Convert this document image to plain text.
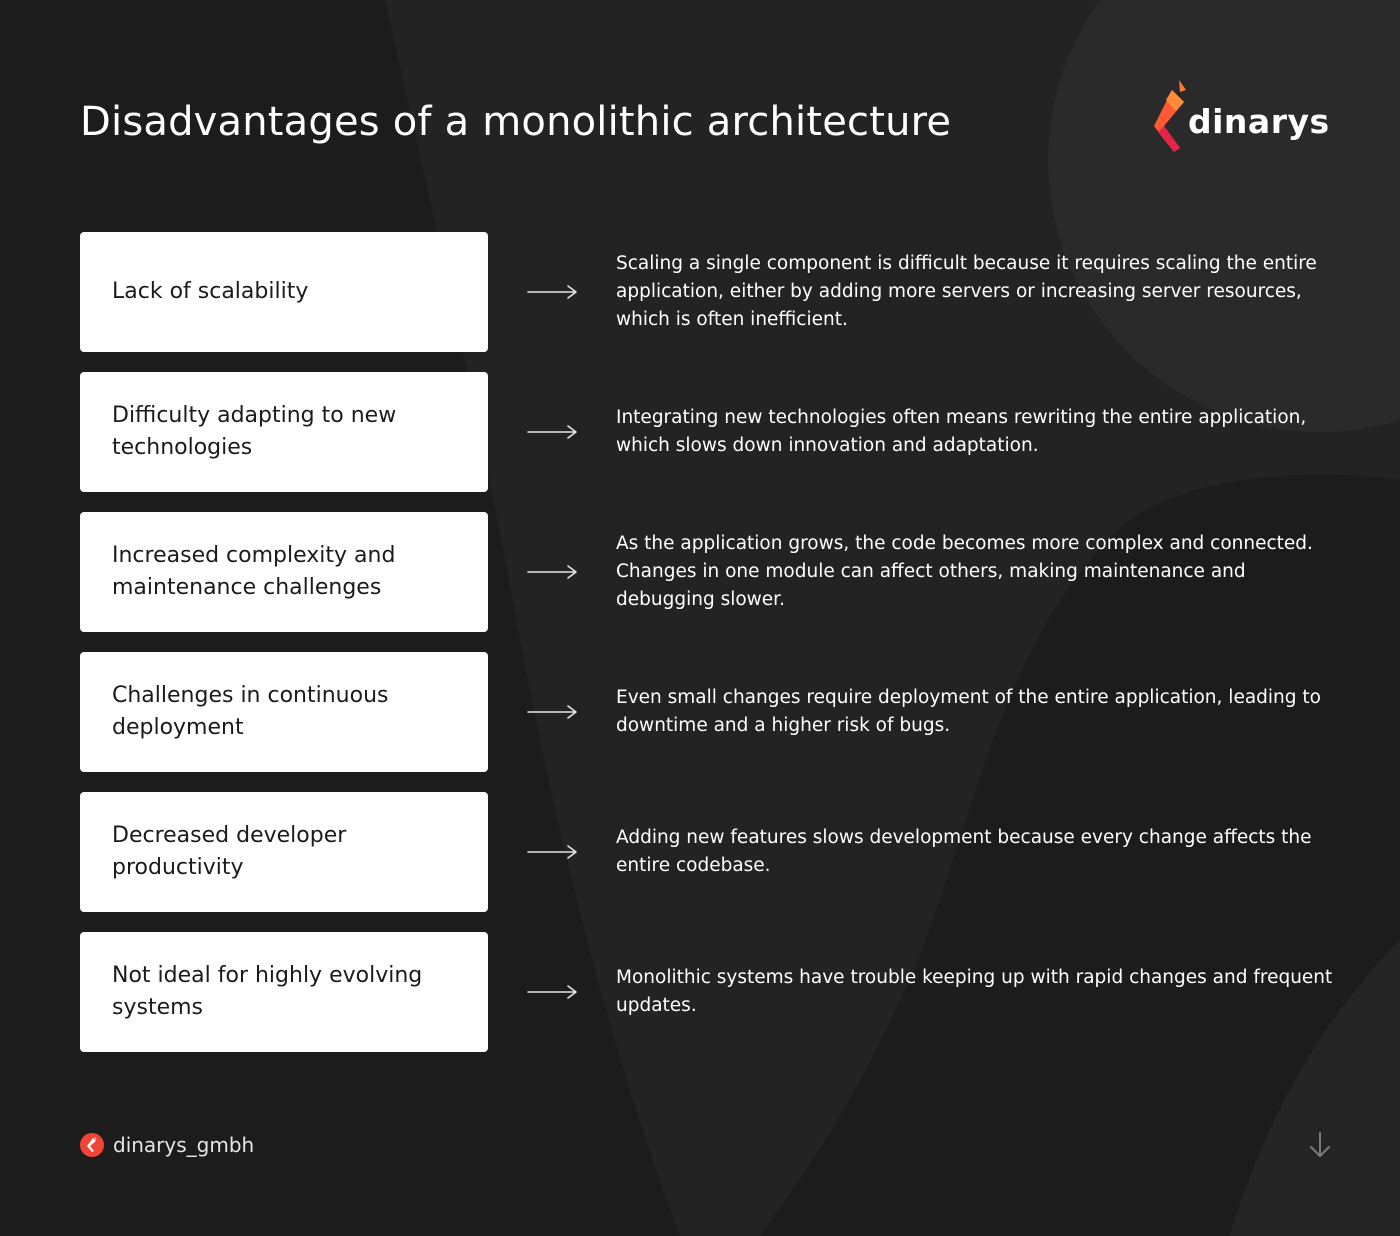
Disadvantages of a monolithic architecture	dinarys
Lack of scalability
Scaling a single component is difficult because it requires scaling the entire application, either by adding more servers or increasing server resources, which is often inefficient.
Difficulty adapting to new technologies
Integrating new technologies often means rewriting the entire application, which slows down innovation and adaptation.
Increased complexity and maintenance challenges
As the application grows, the code becomes more complex and connected. Changes in one module can affect others, making maintenance and debugging slower.
Challenges in continuous deployment
Even small changes require deployment of the entire application, leading to downtime and a higher risk of bugs.
Decreased developer productivity
Adding new features slows development because every change affects the entire codebase.
Not ideal for highly evolving systems
Monolithic systems have trouble keeping up with rapid changes and frequent updates.
dinarys_gmbh
